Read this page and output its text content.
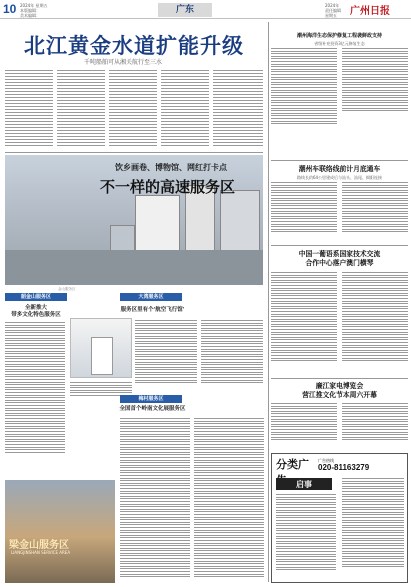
10 2024年 星期五
本版编辑：
美术编辑：
广东	2024年
责任编辑
星期五	广州日报
北江黄金水道扩能升级
千吨船舶可从湘关航行至三水
饮乡画卷、博物馆、网红打卡点
不一样的高速服务区
金山服务区
韶金山服务区
全新推大
带多文化特色服务区
大湾服务区
服务区里有个'航空飞行馆'
梅村服务区
全国首个岭南文化展服务区
梁金山服务区
LIANGJINSHAN SERVICE AREA
潮州海洋生态保护修复工程袭鲜政支持
省级补充投资3亿元修复生态
潮州车联络线前计月底通车
路线长约64公里建成后与汕头、汕尾、揭阳连接
中国一葡语系国家技术交流
合作中心落户澳门横琴
廉江家电博览会
营江推文化节本周六开幕
分类广	广告热线
020-81163279
启事
